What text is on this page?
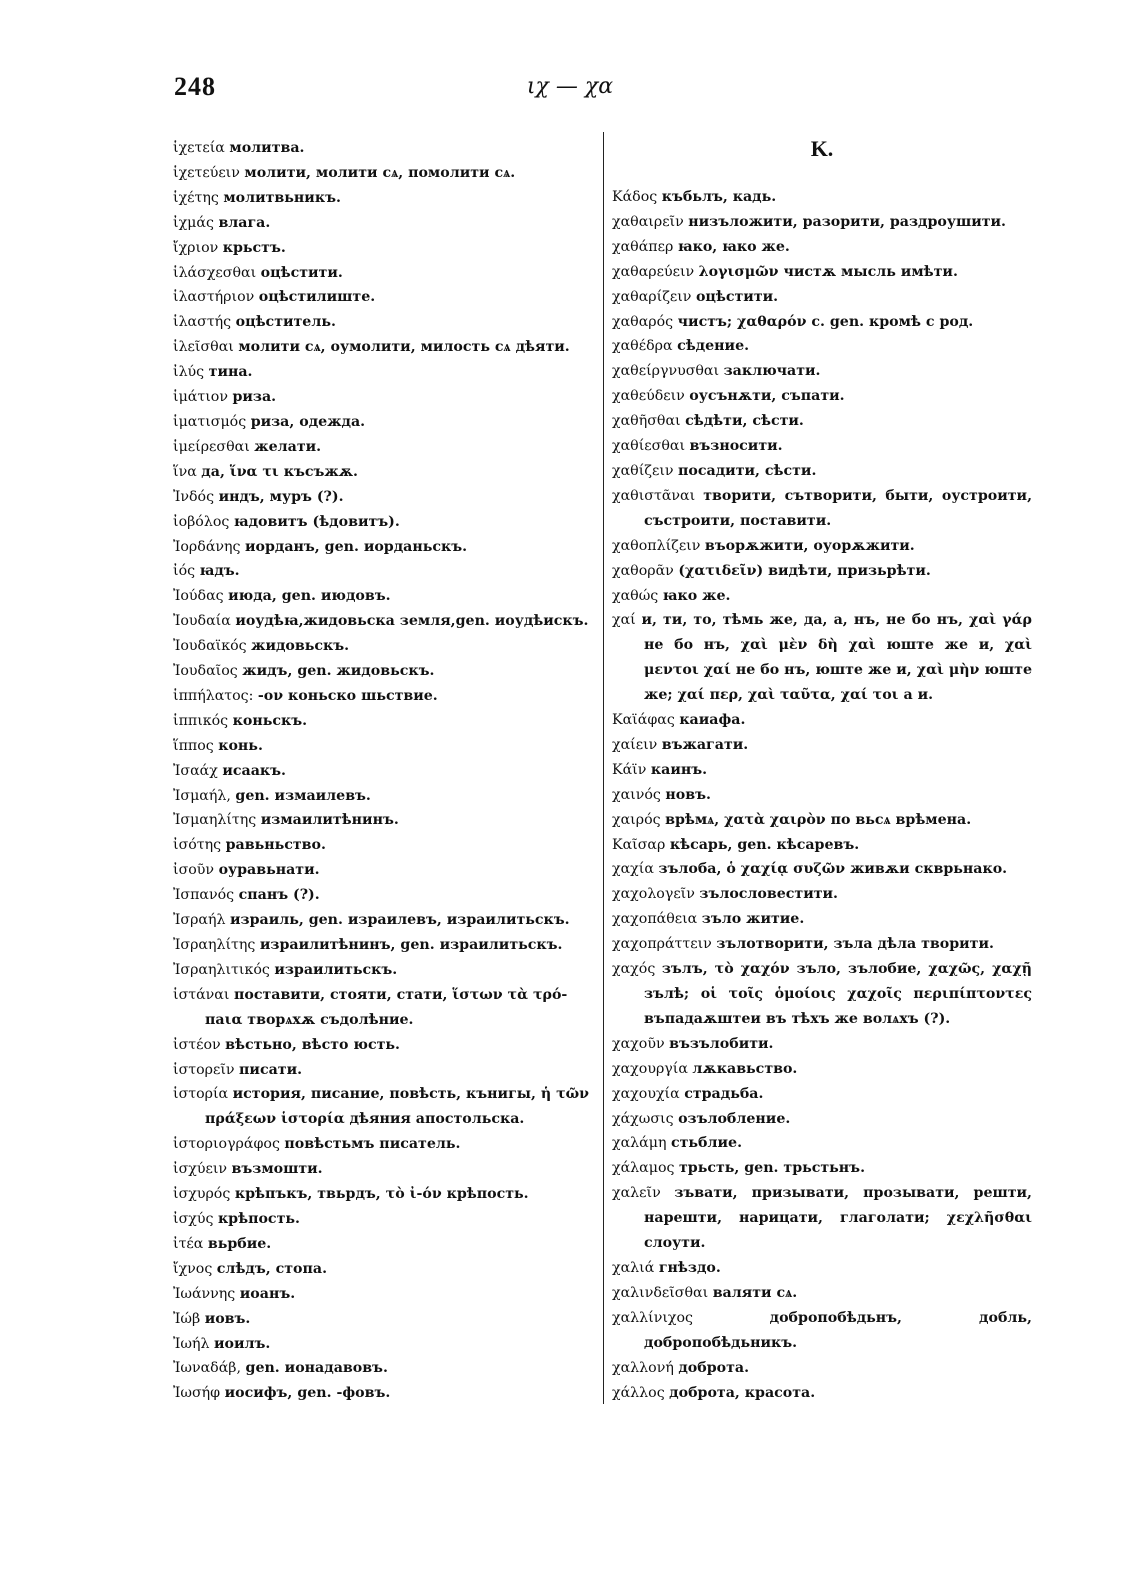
248	ιχ — χα
ἱχετεία молитва.
ἱχετεύειν молити, молити сѧ, помолити сѧ.
ἱχέτης молитвьникъ.
ἰχμάς влага.
ἴχριον крьстъ.
ἱλάσχεσθαι оцѣстити.
ἱλαστήριον оцѣстилиште.
ἱλαστής оцѣститель.
ἱλεῖσθαι молити сѧ, оумолити, милость сѧ дѣяти.
ἰλύς тина.
ἱμάτιον риза.
ἱματισμός риза, одежда.
ἱμείρεσθαι желати.
ἵνα да, ἵνα τι късъжѫ.
Ἰνδός индъ, муръ (?).
ἰοβόλος ꙗдовитъ (ѣдовитъ).
Ἰορδάνης иорданъ, gen. иорданьскъ.
ἰός ꙗдъ.
Ἰούδας июда, gen. июдовъ.
Ἰουδαία иоудѣꙗ,жидовьска земля,gen. иоудѣискъ.
Ἰουδαϊκός жидовьскъ.
Ἰουδαῖος жидъ, gen. жидовьскъ.
ἱππήλατος: -ον коньско шьствие.
ἱππικός коньскъ.
ἵππος конь.
Ἰσαάχ исаакъ.
Ἰσμαήλ, gen. измаилевъ.
Ἰσμαηλίτης измаилитѣнинъ.
ἰσότης равьньство.
ἰσοῦν оуравьнати.
Ἰσπανός спанъ (?).
Ἰσραήλ израиль, gen. израилевъ, израилитьскъ.
Ἰσραηλίτης израилитѣнинъ, gen. израилитьскъ.
Ἰσραηλιτικός израилитьскъ.
ἱστάναι поставити, стояти, стати, ἵστων τὰ τρό-
паια творѧхѫ съдолѣние.
ἰστέον вѣстьно, вѣсто юсть.
ἱστορεῖν писати.
ἱστορία история, писание, повѣсть, кънигы, ἡ τῶν
πράξεων ἱστορία дѣяния апостольска.
ἱστοριογράφος повѣстьмъ писатель.
ἰσχύειν възмошти.
ἰσχυρός крѣпъкъ, твьрдъ, τὸ ἰ-όν крѣпость.
ἰσχύς крѣпость.
ἰτέα вьрбие.
ἴχνος слѣдъ, стопа.
Ἰωάννης иоанъ.
Ἰώβ иовъ.
Ἰωήλ иоилъ.
Ἰωναδάβ, gen. ионадавовъ.
Ἰωσήφ иосифъ, gen. -фовъ.
K.
Κάδος къбьлъ, кадь.
χαθαιρεῖν низъложити, разорити, раздроушити.
χαθάπερ ꙗко, ꙗко же.
χαθαρεύειν λογισμῶν чистѫ мысль имѣти.
χαθαρίζειν оцѣстити.
χαθαρός чистъ; χαθαρόν c. gen. кромѣ с род.
χαθέδρα сѣдение.
χαθείργνυσθαι заключати.
χαθεύδειν оусънѫти, съпати.
χαθῆσθαι сѣдѣти, сѣсти.
χαθίεσθαι възносити.
χαθίζειν посадити, сѣсти.
χαθιστᾶναι творити, сътворити, быти, оустроити, състроити, поставити.
χαθοπλίζειν въорѫжити, оуорѫжити.
χαθορᾶν (χατιδεῖν) видѣти, призьрѣти.
χαθώς ꙗко же.
χαί и, ти, то, тѣмь же, да, а, нъ, не бо нъ, χαὶ γάρ не бо нъ, χαὶ μὲν δὴ χαὶ юште же и, χαὶ μεντοι χαί не бо нъ, юште же и, χαὶ μὴν юште же; χαί περ, χαὶ ταῦτα, χαί τοι а и.
Καϊάφας каиафа.
χαίειν въжагати.
Κάϊν каинъ.
χαινός новъ.
χαιρός врѣмѧ, χατὰ χαιρὸν по вьсѧ врѣмена.
Καῖσαρ кѣсарь, gen. кѣсаревъ.
χαχία зълоба, ὁ χαχίᾳ συζῶν живѫи скврьнако.
χαχολογεῖν зълословестити.
χαχοπάθεια зъло житие.
χαχοπράττειν зълотворити, зъла дѣла творити.
χαχός зълъ, τὸ χαχόν зъло, зълобие, χαχῶς, χαχῇ зълѣ; οἱ τοῖς ὁμοίοις χαχοῖς περιπίπτοντες въпадаѫштеи въ тѣхъ же волѧхъ (?).
χαχοῦν възълобити.
χαχουργία лѫкавьство.
χαχουχία страдьба.
χάχωσις озълобление.
χαλάμη стьблие.
χάλαμος трьсть, gen. трьстьнъ.
χαλεῖν зъвати, призывати, прозывати, решти, нарешти, нарицати, глаголати; χεχλῆσθαι слоути.
χαλιά гнѣздо.
χαλινδεῖσθαι валяти сѧ.
χαλλίνιχος	добропобѣдьнъ, добль, добропобѣдьникъ.
χαλλονή доброта.
χάλλος доброта, красота.
